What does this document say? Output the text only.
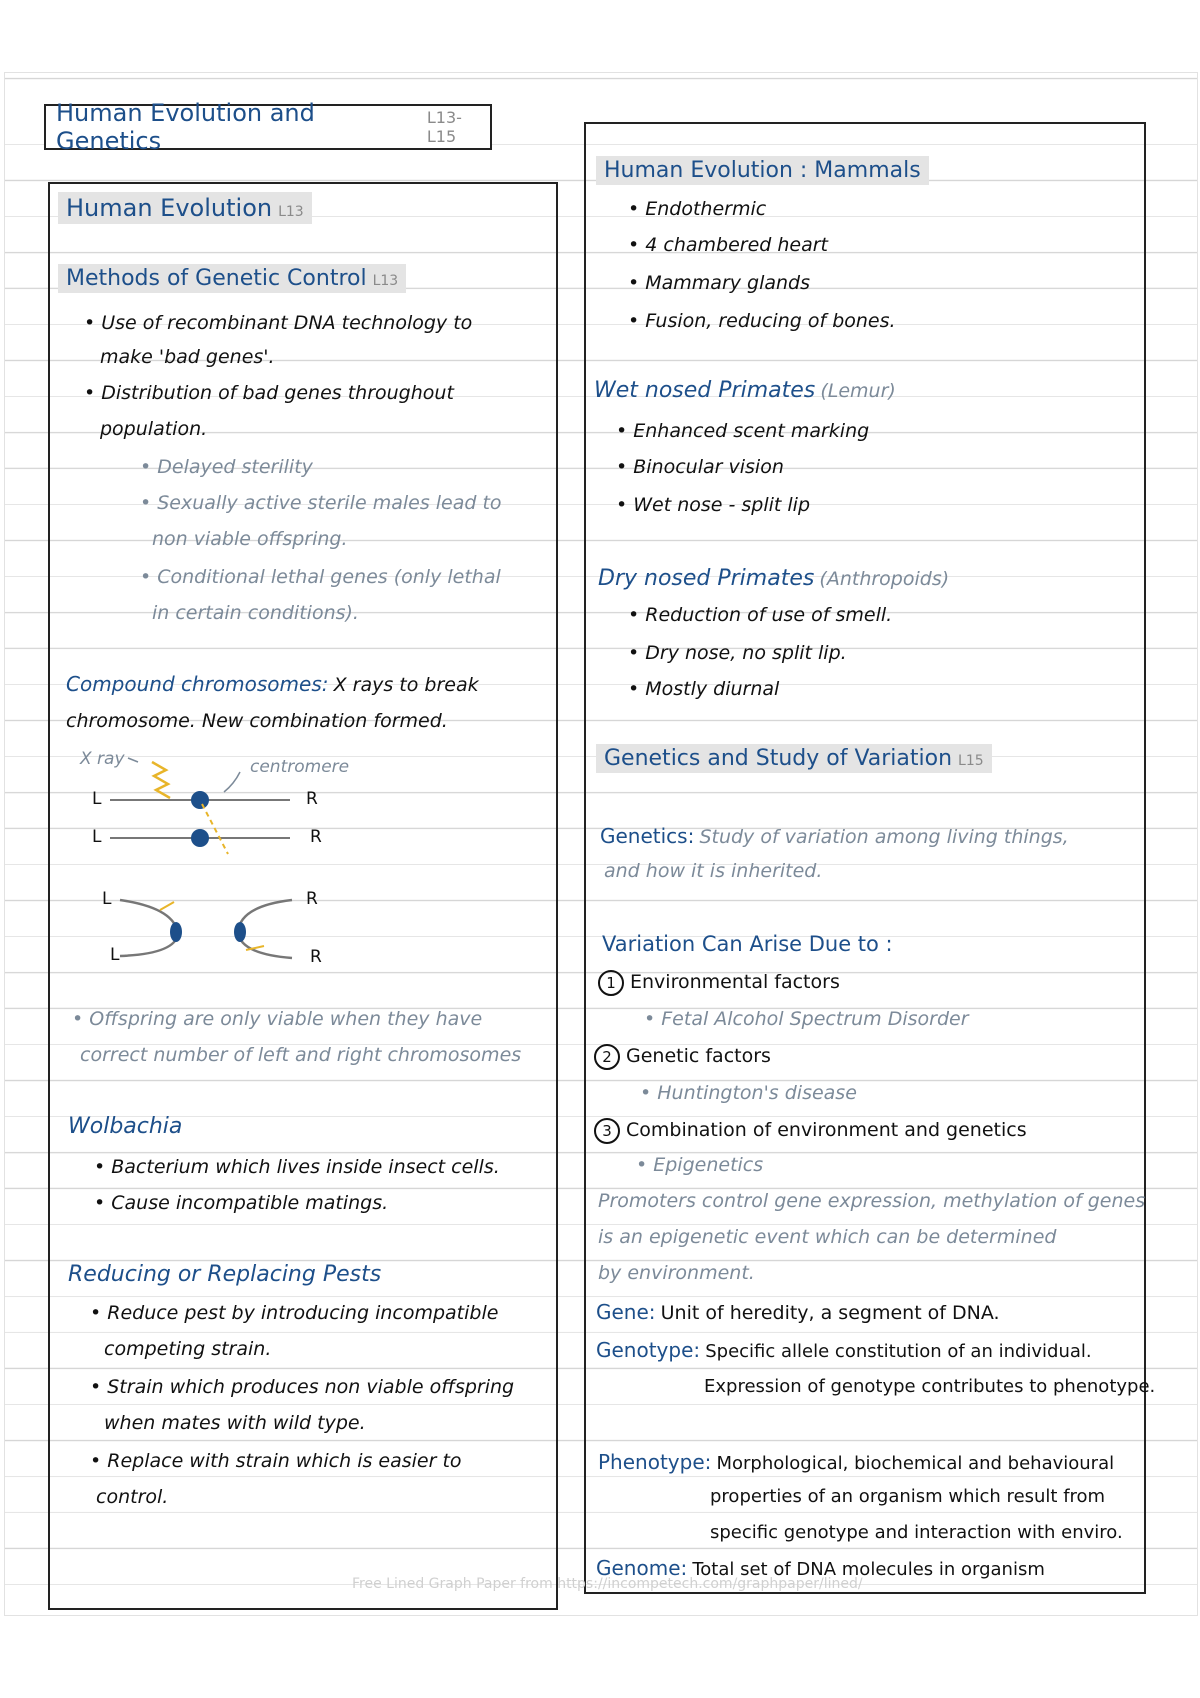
Human Evolution and Genetics
L13-L15
Human Evolution L13
Methods of Genetic Control L13
• Use of recombinant DNA technology to
make 'bad genes'.
• Distribution of bad genes throughout
population.
• Delayed sterility
• Sexually active sterile males lead to
non viable offspring.
• Conditional lethal genes (only lethal
in certain conditions).
Compound chromosomes: X rays to break
chromosome. New combination formed.
X ray	centromere
L	R
L	R
L
L
R
R
• Offspring are only viable when they have
correct number of left and right chromosomes
Wolbachia
• Bacterium which lives inside insect cells.
• Cause incompatible matings.
Reducing or Replacing Pests
• Reduce pest by introducing incompatible
competing strain.
• Strain which produces non viable offspring
when mates with wild type.
• Replace with strain which is easier to
control.
Human Evolution : Mammals
• Endothermic
• 4 chambered heart
• Mammary glands
• Fusion, reducing of bones.
Wet nosed Primates (Lemur)
• Enhanced scent marking
• Binocular vision
• Wet nose - split lip
Dry nosed Primates (Anthropoids)
• Reduction of use of smell.
• Dry nose, no split lip.
• Mostly diurnal
Genetics and Study of Variation L15
Genetics: Study of variation among living things,
and how it is inherited.
Variation Can Arise Due to :
1 Environmental factors
• Fetal Alcohol Spectrum Disorder
2 Genetic factors
• Huntington's disease
3 Combination of environment and genetics
• Epigenetics
Promoters control gene expression, methylation of genes
is an epigenetic event which can be determined
by environment.
Gene: Unit of heredity, a segment of DNA.
Genotype: Specific allele constitution of an individual.
Expression of genotype contributes to phenotype.
Phenotype: Morphological, biochemical and behavioural
properties of an organism which result from
specific genotype and interaction with enviro.
Genome: Total set of DNA molecules in organism
Free Lined Graph Paper from https://incompetech.com/graphpaper/lined/
